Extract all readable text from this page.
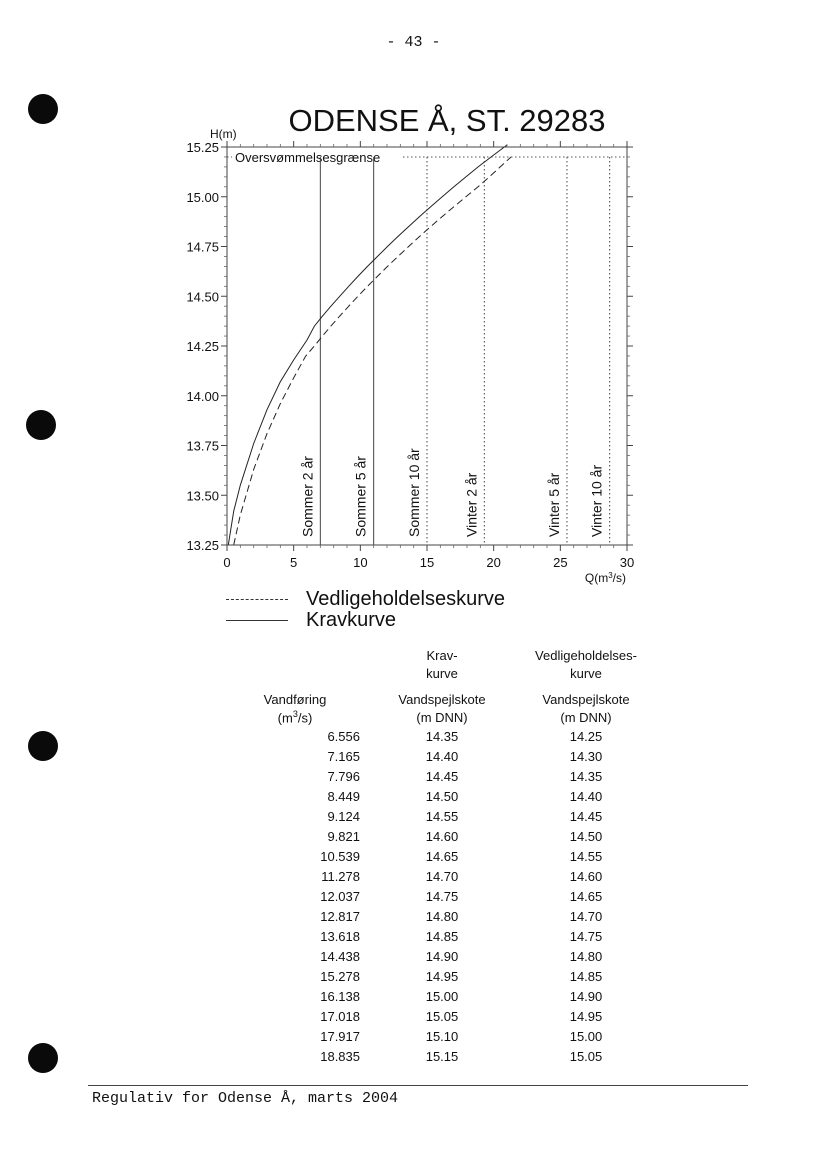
- 43 -
ODENSE Å, ST. 29283
H(m)
Oversvømmelsesgrænse
Sommer 2 år	Sommer 5 år	Sommer 10 år	Vinter 2 år	Vinter 5 år Vinter 10 år
13.25
13.50
13.75
14.00
14.25
14.50
14.75
15.00
15.25
0	5	10	15	20	25	30
$Q(m^3/s)$
Vedligeholdelseskurve
Kravkurve
	Krav-	Vedligeholdelses-
	kurve	kurve
Vandføring	Vandspejlskote	Vandspejlskote
$(m^3/s)$	(m DNN)	(m DNN)
6.556	14.35	14.25
7.165	14.40	14.30
7.796	14.45	14.35
8.449	14.50	14.40
9.124	14.55	14.45
9.821	14.60	14.50
10.539	14.65	14.55
11.278	14.70	14.60
12.037	14.75	14.65
12.817	14.80	14.70
13.618	14.85	14.75
14.438	14.90	14.80
15.278	14.95	14.85
16.138	15.00	14.90
17.018	15.05	14.95
17.917	15.10	15.00
18.835	15.15	15.05
Regulativ for Odense Å, marts 2004
